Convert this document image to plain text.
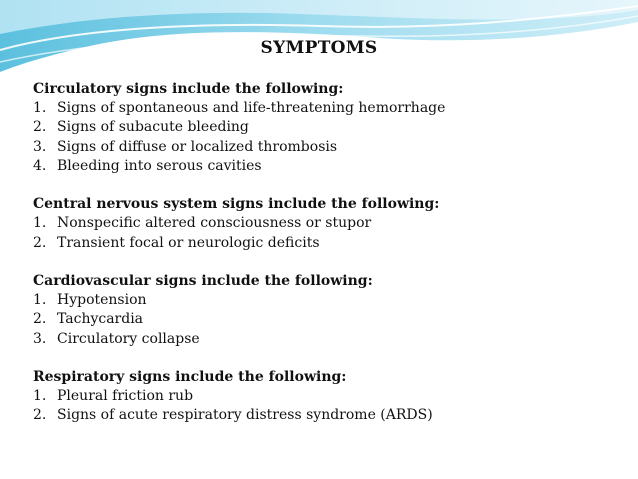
SYMPTOMS
Circulatory signs include the following:
1. Signs of spontaneous and life-threatening hemorrhage
2. Signs of subacute bleeding
3. Signs of diffuse or localized thrombosis
4. Bleeding into serous cavities
Central nervous system signs include the following:
1. Nonspecific altered consciousness or stupor
2. Transient focal or neurologic deficits
Cardiovascular signs include the following:
1. Hypotension
2. Tachycardia
3. Circulatory collapse
Respiratory signs include the following:
1. Pleural friction rub
2. Signs of acute respiratory distress syndrome (ARDS)
